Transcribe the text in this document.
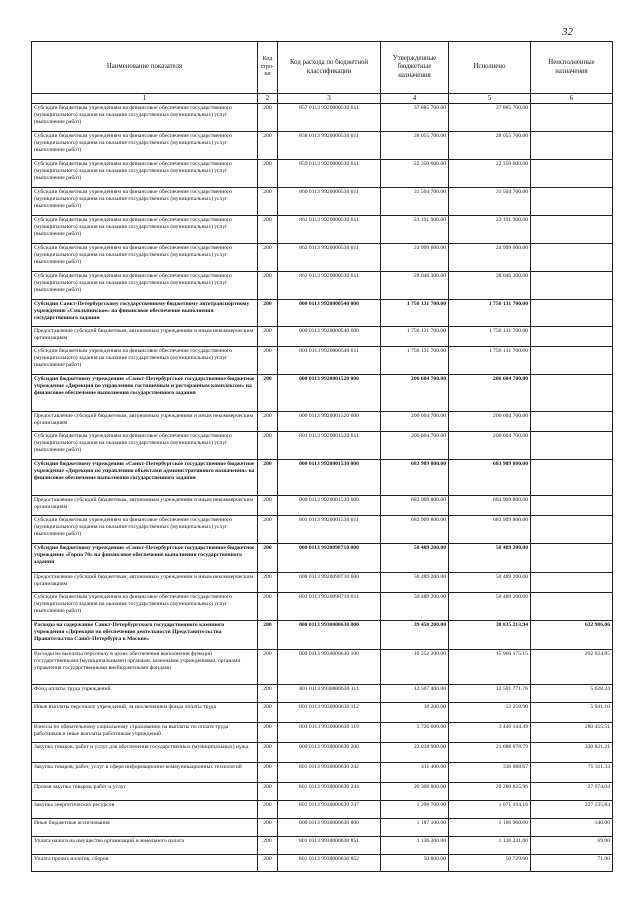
32
Наименование показателя	Код стро-ки	Код расхода по бюджетной классификации	Утвержденные бюджетные назначения	Исполнено	Неисполненные назначения
1	2	3	4	5	6
Субсидии бюджетным учреждениям на финансовое обеспечение государственного (муниципального) задания на оказание государственных (муниципальных) услуг (выполнение работ)	200	857 0113 9920000530 611	37 885 700.00	37 885 700.00	
Субсидии бюджетным учреждениям на финансовое обеспечение государственного (муниципального) задания на оказание государственных (муниципальных) услуг (выполнение работ)	200	858 0113 9920000530 611	28 055 700.00	28 055 700.00	
Субсидии бюджетным учреждениям на финансовое обеспечение государственного (муниципального) задания на оказание государственных (муниципальных) услуг (выполнение работ)	200	859 0113 9920000530 611	22 350 600.00	22 350 600.00	
Субсидии бюджетным учреждениям на финансовое обеспечение государственного (муниципального) задания на оказание государственных (муниципальных) услуг (выполнение работ)	200	860 0113 9920000530 611	31 504 700.00	31 504 700.00	
Субсидии бюджетным учреждениям на финансовое обеспечение государственного (муниципального) задания на оказание государственных (муниципальных) услуг (выполнение работ)	200	861 0113 9920000530 611	23 191 900.00	23 191 900.00	
Субсидии бюджетным учреждениям на финансовое обеспечение государственного (муниципального) задания на оказание государственных (муниципальных) услуг (выполнение работ)	200	862 0113 9920000530 611	24 999 600.00	24 999 600.00	
Субсидии бюджетным учреждениям на финансовое обеспечение государственного (муниципального) задания на оказание государственных (муниципальных) услуг (выполнение работ)	200	863 0113 9920000530 611	28 046 300.00	28 046 300.00	
Субсидия Санкт-Петербургскому государственному бюджетному автотранспортному учреждению «Смольнинское» на финансовое обеспечение выполнения государственного задания	200	000 0113 9920000540 000	1 756 131 700.00	1 756 131 700.00	
Предоставление субсидий бюджетным, автономным учреждениям и иным некоммерческим организациям	200	000 0113 9920000540 600	1 756 131 700.00	1 756 131 700.00	
Субсидии бюджетным учреждениям на финансовое обеспечение государственного (муниципального) задания на оказание государственных (муниципальных) услуг (выполнение работ)	200	801 0113 9920000540 611	1 756 131 700.00	1 756 131 700.00	
Субсидия бюджетному учреждению «Санкт-Петербургское государственное бюджетное учреждение «Дирекция по управлению гостиничным и ресторанным комплексом» на финансовое обеспечение выполнения государственного задания	200	000 0113 9920001520 000	206 604 700.00	206 604 700.00	
Предоставление субсидий бюджетным, автономным учреждениям и иным некоммерческим организациям	200	000 0113 9920001520 600	206 604 700.00	206 604 700.00	
Субсидии бюджетным учреждениям на финансовое обеспечение государственного (муниципального) задания на оказание государственных (муниципальных) услуг (выполнение работ)	200	801 0113 9920001520 611	206 604 700.00	206 604 700.00	
Субсидия бюджетному учреждению «Санкт-Петербургское государственное бюджетное учреждение «Дирекция по управлению объектами административного назначения» на финансовое обеспечение выполнения государственного задания	200	000 0113 9920001530 000	683 909 800.00	683 909 800.00	
Предоставление субсидий бюджетным, автономным учреждениям и иным некоммерческим организациям	200	000 0113 9920001530 600	683 909 800.00	683 909 800.00	
Субсидии бюджетным учреждениям на финансовое обеспечение государственного (муниципального) задания на оказание государственных (муниципальных) услуг (выполнение работ)	200	801 0113 9920001530 611	683 909 800.00	683 909 800.00	
Субсидия бюджетному учреждению «Санкт-Петербургское государственное бюджетное учреждение «Горпо 70» на финансовое обеспечение выполнения государственного задания	200	000 0113 9920098710 000	50 489 200.00	50 489 200.00	
Предоставление субсидий бюджетным, автономным учреждениям и иным некоммерческим организациям	200	000 0113 9920098710 600	50 489 200.00	50 489 200.00	
Субсидии бюджетным учреждениям на финансовое обеспечение государственного (муниципального) задания на оказание государственных (муниципальных) услуг (выполнение работ)	200	801 0113 9920098710 611	50 489 200.00	50 489 200.00	
Расходы на содержание Санкт-Петербургского государственного казенного учреждения «Дирекция по обеспечению деятельности Представительства Правительства Санкт-Петербурга в Москве»	200	000 0113 9930000630 000	39 458 200.00	38 835 213.94	622 986.06
Расходы на выплаты персоналу в целях обеспечения выполнения функций государственными (муниципальными) органами, казенными учреждениями, органами управления государственными внебюджетными фондами	200	000 0113 9930000630 100	16 252 200.00	15 960 175.15	292 024.85
Фонд оплаты труда учреждений	200	801 0113 9930000630 111	12 507 400.00	12 501 771.76	5 628.24
Иные выплаты персоналу учреждений, за исключением фонда оплаты труда	200	801 0113 9930000630 112	18 200.00	12 258.90	5 941.10
Взносы по обязательному социальному страхованию на выплаты по оплате труда работников и иные выплаты работникам учреждений	200	801 0113 9930000630 119	3 726 600.00	3 446 144.49	280 455.51
Закупка товаров, работ и услуг для обеспечения государственных (муниципальных) нужд	200	000 0113 9930000630 200	22 018 900.00	21 688 078.79	330 821.21
Закупка товаров, работ, услуг в сфере информационно-коммуникационных технологий	200	801 0113 9930000630 242	411 400.00	336 088.67	75 311.33
Прочая закупка товаров, работ и услуг	200	801 0113 9930000630 244	20 308 800.00	20 280 825.96	27 974.04
Закупка энергетических ресурсов	200	801 0113 9930000630 247	1 298 700.00	1 071 164.16	227 535.84
Иные бюджетные ассигнования	200	000 0113 9930000630 800	1 187 100.00	1 186 960.00	140.00
Уплата налога на имущество организаций и земельного налога	200	801 0113 9930000630 851	1 136 300.00	1 136 231.00	69.00
Уплата прочих налогов, сборов	200	801 0113 9930000630 852	50 800.00	50 729.00	71.00
